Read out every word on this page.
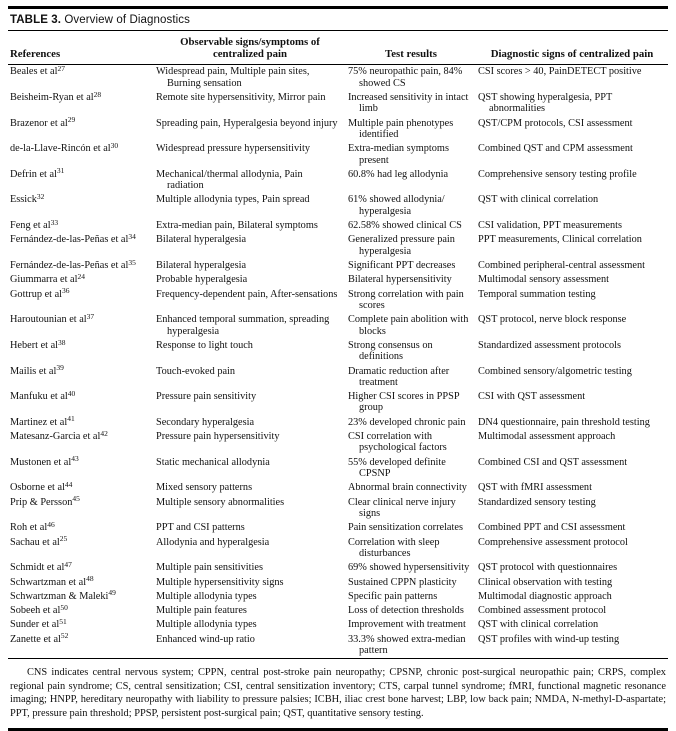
TABLE 3. Overview of Diagnostics
References	Observable signs/symptoms of centralized pain	Test results	Diagnostic signs of centralized pain
Beales et al$^{27}$	Widespread pain, Multiple pain sites, Burning sensation	75% neuropathic pain, 84% showed CS	CSI scores > 40, PainDETECT positive
Beisheim-Ryan et al$^{28}$	Remote site hypersensitivity, Mirror pain	Increased sensitivity in intact limb	QST showing hyperalgesia, PPT abnormalities
Brazenor et al$^{29}$	Spreading pain, Hyperalgesia beyond injury	Multiple pain phenotypes identified	QST/CPM protocols, CSI assessment
de-la-Llave-Rincón et al$^{30}$	Widespread pressure hypersensitivity	Extra-median symptoms present	Combined QST and CPM assessment
Defrin et al$^{31}$	Mechanical/thermal allodynia, Pain radiation	60.8% had leg allodynia	Comprehensive sensory testing profile
Essick$^{32}$	Multiple allodynia types, Pain spread	61% showed allodynia/ hyperalgesia	QST with clinical correlation
Feng et al$^{33}$	Extra-median pain, Bilateral symptoms	62.58% showed clinical CS	CSI validation, PPT measurements
Fernández-de-las-Peñas et al$^{34}$	Bilateral hyperalgesia	Generalized pressure pain hyperalgesia	PPT measurements, Clinical correlation
Fernández-de-las-Peñas et al$^{35}$	Bilateral hyperalgesia	Significant PPT decreases	Combined peripheral-central assessment
Giummarra et al$^{24}$	Probable hyperalgesia	Bilateral hypersensitivity	Multimodal sensory assessment
Gottrup et al$^{36}$	Frequency-dependent pain, After-sensations	Strong correlation with pain scores	Temporal summation testing
Haroutounian et al$^{37}$	Enhanced temporal summation, spreading hyperalgesia	Complete pain abolition with blocks	QST protocol, nerve block response
Hebert et al$^{38}$	Response to light touch	Strong consensus on definitions	Standardized assessment protocols
Mailis et al$^{39}$	Touch-evoked pain	Dramatic reduction after treatment	Combined sensory/algometric testing
Manfuku et al$^{40}$	Pressure pain sensitivity	Higher CSI scores in PPSP group	CSI with QST assessment
Martinez et al$^{41}$	Secondary hyperalgesia	23% developed chronic pain	DN4 questionnaire, pain threshold testing
Matesanz-Garcia et al$^{42}$	Pressure pain hypersensitivity	CSI correlation with psychological factors	Multimodal assessment approach
Mustonen et al$^{43}$	Static mechanical allodynia	55% developed definite CPSNP	Combined CSI and QST assessment
Osborne et al$^{44}$	Mixed sensory patterns	Abnormal brain connectivity	QST with fMRI assessment
Prip & Persson$^{45}$	Multiple sensory abnormalities	Clear clinical nerve injury signs	Standardized sensory testing
Roh et al$^{46}$	PPT and CSI patterns	Pain sensitization correlates	Combined PPT and CSI assessment
Sachau et al$^{25}$	Allodynia and hyperalgesia	Correlation with sleep disturbances	Comprehensive assessment protocol
Schmidt et al$^{47}$	Multiple pain sensitivities	69% showed hypersensitivity	QST protocol with questionnaires
Schwartzman et al$^{48}$	Multiple hypersensitivity signs	Sustained CPPN plasticity	Clinical observation with testing
Schwartzman & Maleki$^{49}$	Multiple allodynia types	Specific pain patterns	Multimodal diagnostic approach
Sobeeh et al$^{50}$	Multiple pain features	Loss of detection thresholds	Combined assessment protocol
Sunder et al$^{51}$	Multiple allodynia types	Improvement with treatment	QST with clinical correlation
Zanette et al$^{52}$	Enhanced wind-up ratio	33.3% showed extra-median pattern	QST profiles with wind-up testing
CNS indicates central nervous system; CPPN, central post-stroke pain neuropathy; CPSNP, chronic post-surgical neuropathic pain; CRPS, complex regional pain syndrome; CS, central sensitization; CSI, central sensitization inventory; CTS, carpal tunnel syndrome; fMRI, functional magnetic resonance imaging; HNPP, hereditary neuropathy with liability to pressure palsies; ICBH, iliac crest bone harvest; LBP, low back pain; NMDA, N-methyl-D-aspartate; PPT, pressure pain threshold; PPSP, persistent post-surgical pain; QST, quantitative sensory testing.
